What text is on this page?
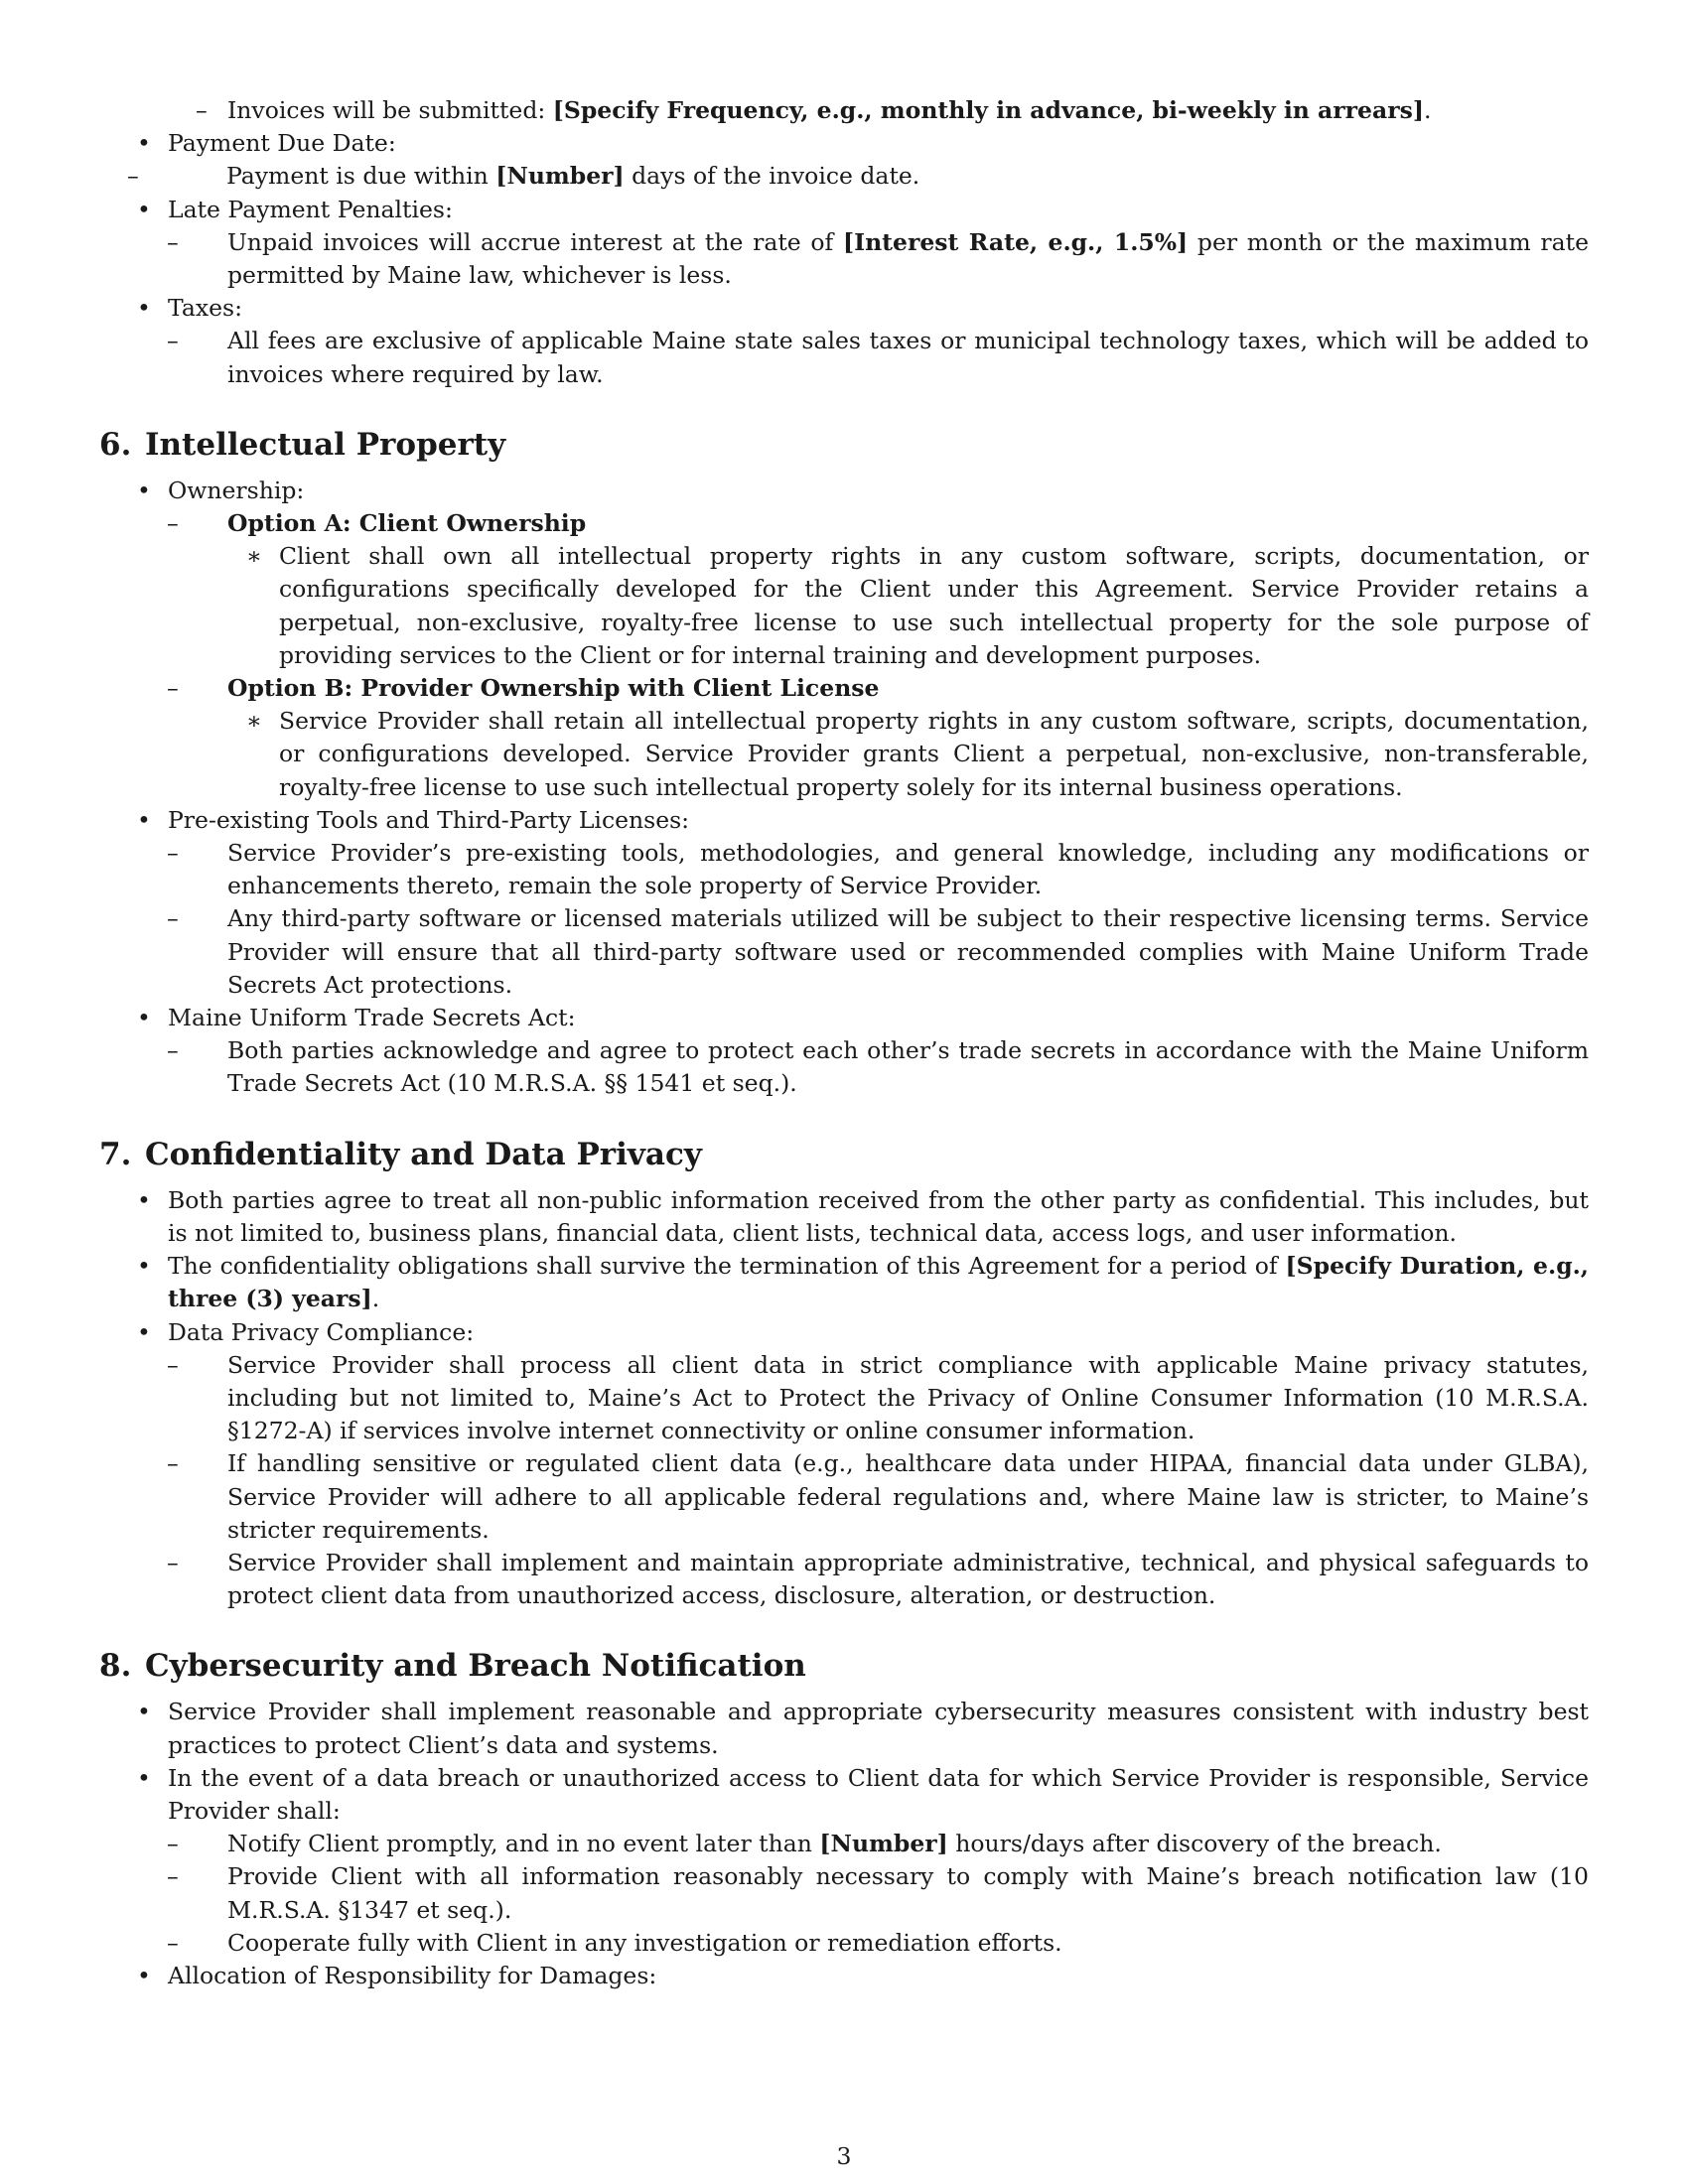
– Invoices will be submitted: [Specify Frequency, e.g., monthly in advance, bi-weekly in arrears].
• Payment Due Date:
–	Payment is due within [Number] days of the invoice date.
• Late Payment Penalties:
–	Unpaid invoices will accrue interest at the rate of [Interest Rate, e.g., 1.5%] per month or the maximum rate permitted by Maine law, whichever is less.
• Taxes:
–	All fees are exclusive of applicable Maine state sales taxes or municipal technology taxes, which will be added to invoices where required by law.
6. Intellectual Property
• Ownership:
–	Option A: Client Ownership
∗ Client shall own all intellectual property rights in any custom software, scripts, documentation, or configurations specifically developed for the Client under this Agreement. Service Provider retains a perpetual, non-exclusive, royalty-free license to use such intellectual property for the sole purpose of providing services to the Client or for internal training and development purposes.
–	Option B: Provider Ownership with Client License
∗ Service Provider shall retain all intellectual property rights in any custom software, scripts, documentation, or configurations developed. Service Provider grants Client a perpetual, non-exclusive, non-transferable, royalty-free license to use such intellectual property solely for its internal business operations.
• Pre-existing Tools and Third-Party Licenses:
–	Service Provider’s pre-existing tools, methodologies, and general knowledge, including any modifications or enhancements thereto, remain the sole property of Service Provider.
–	Any third-party software or licensed materials utilized will be subject to their respective licensing terms. Service Provider will ensure that all third-party software used or recommended complies with Maine Uniform Trade Secrets Act protections.
• Maine Uniform Trade Secrets Act:
–	Both parties acknowledge and agree to protect each other’s trade secrets in accordance with the Maine Uniform Trade Secrets Act (10 M.R.S.A. §§ 1541 et seq.).
7. Confidentiality and Data Privacy
• Both parties agree to treat all non-public information received from the other party as confidential. This includes, but is not limited to, business plans, financial data, client lists, technical data, access logs, and user information.
• The confidentiality obligations shall survive the termination of this Agreement for a period of [Specify Duration, e.g., three (3) years].
• Data Privacy Compliance:
–	Service Provider shall process all client data in strict compliance with applicable Maine privacy statutes, including but not limited to, Maine’s Act to Protect the Privacy of Online Consumer Information (10 M.R.S.A. §1272-A) if services involve internet connectivity or online consumer information.
–	If handling sensitive or regulated client data (e.g., healthcare data under HIPAA, financial data under GLBA), Service Provider will adhere to all applicable federal regulations and, where Maine law is stricter, to Maine’s stricter requirements.
–	Service Provider shall implement and maintain appropriate administrative, technical, and physical safeguards to protect client data from unauthorized access, disclosure, alteration, or destruction.
8. Cybersecurity and Breach Notification
• Service Provider shall implement reasonable and appropriate cybersecurity measures consistent with industry best practices to protect Client’s data and systems.
• In the event of a data breach or unauthorized access to Client data for which Service Provider is responsible, Service Provider shall:
–	Notify Client promptly, and in no event later than [Number] hours/days after discovery of the breach.
–	Provide Client with all information reasonably necessary to comply with Maine’s breach notification law (10 M.R.S.A. §1347 et seq.).
–	Cooperate fully with Client in any investigation or remediation efforts.
• Allocation of Responsibility for Damages:
3
